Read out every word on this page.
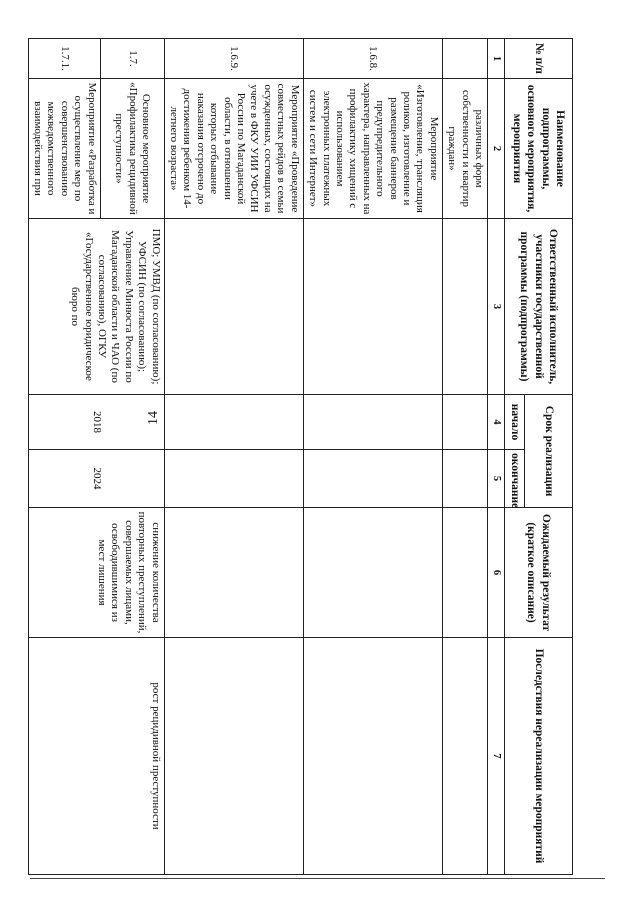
14
№ п/п	Наименование подпрограммы, основного мероприятия, мероприятия	Ответственный исполнитель, участники государственной программы (подпрограммы)	Срок реализации		Ожидаемый результат (краткое описание)	Последствия нереализации мероприятий
			начало	окончание		
1	2	3	4	5	6	7
	различных форм собственности и квартир граждан»					
1.6.8.	Мероприятие «Изготовление, трансляция роликов, изготовление и размещение баннеров предупредительного характера, направленных на профилактику хищений с использованием электронных платежных систем и сети Интернет»					
1.6.9.	Мероприятие «Проведение совместных рейдов в семьи осужденных, состоящих на учете в ФКУ УИИ УФСИН России по Магаданской области, в отношении которых отбывание наказания отсрочено до достижения ребенком 14-летнего возраста»					
1.7.	Основное мероприятие «Профилактика рецидивной преступности»	ПМО; УМВД (по согласованию); УФСИН (по согласованию); Управление Минюста России по Магаданской области и ЧАО (по согласованию), ОГКУ «Государственное юридическое бюро по	2018	2024	снижение количества повторных преступлений, совершаемых лицами, освободившимися из мест лишения	рост рецидивной преступности
1.7.1.	Мероприятие «Разработка и осуществление мер по совершенствованию межведомственного взаимодействия при					
